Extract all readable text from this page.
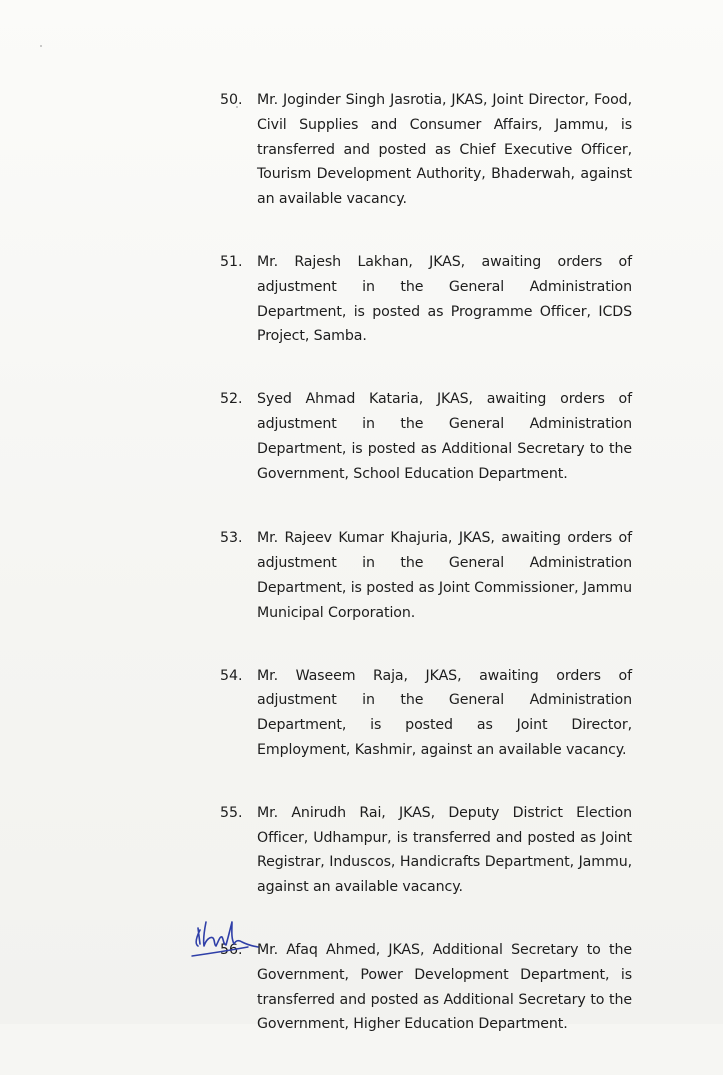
50. Mr. Joginder Singh Jasrotia, JKAS, Joint Director, Food, Civil Supplies and Consumer Affairs, Jammu, is transferred and posted as Chief Executive Officer, Tourism Development Authority, Bhaderwah, against an available vacancy.
51. Mr. Rajesh Lakhan, JKAS, awaiting orders of adjustment in the General Administration Department, is posted as Programme Officer, ICDS Project, Samba.
52. Syed Ahmad Kataria, JKAS, awaiting orders of adjustment in the General Administration Department, is posted as Additional Secretary to the Government, School Education Department.
53. Mr. Rajeev Kumar Khajuria, JKAS, awaiting orders of adjustment in the General Administration Department, is posted as Joint Commissioner, Jammu Municipal Corporation.
54. Mr. Waseem Raja, JKAS, awaiting orders of adjustment in the General Administration Department, is posted as Joint Director, Employment, Kashmir, against an available vacancy.
55. Mr. Anirudh Rai, JKAS, Deputy District Election Officer, Udhampur, is transferred and posted as Joint Registrar, Induscos, Handicrafts Department, Jammu, against an available vacancy.
56. Mr. Afaq Ahmed, JKAS, Additional Secretary to the Government, Power Development Department, is transferred and posted as Additional Secretary to the Government, Higher Education Department.
